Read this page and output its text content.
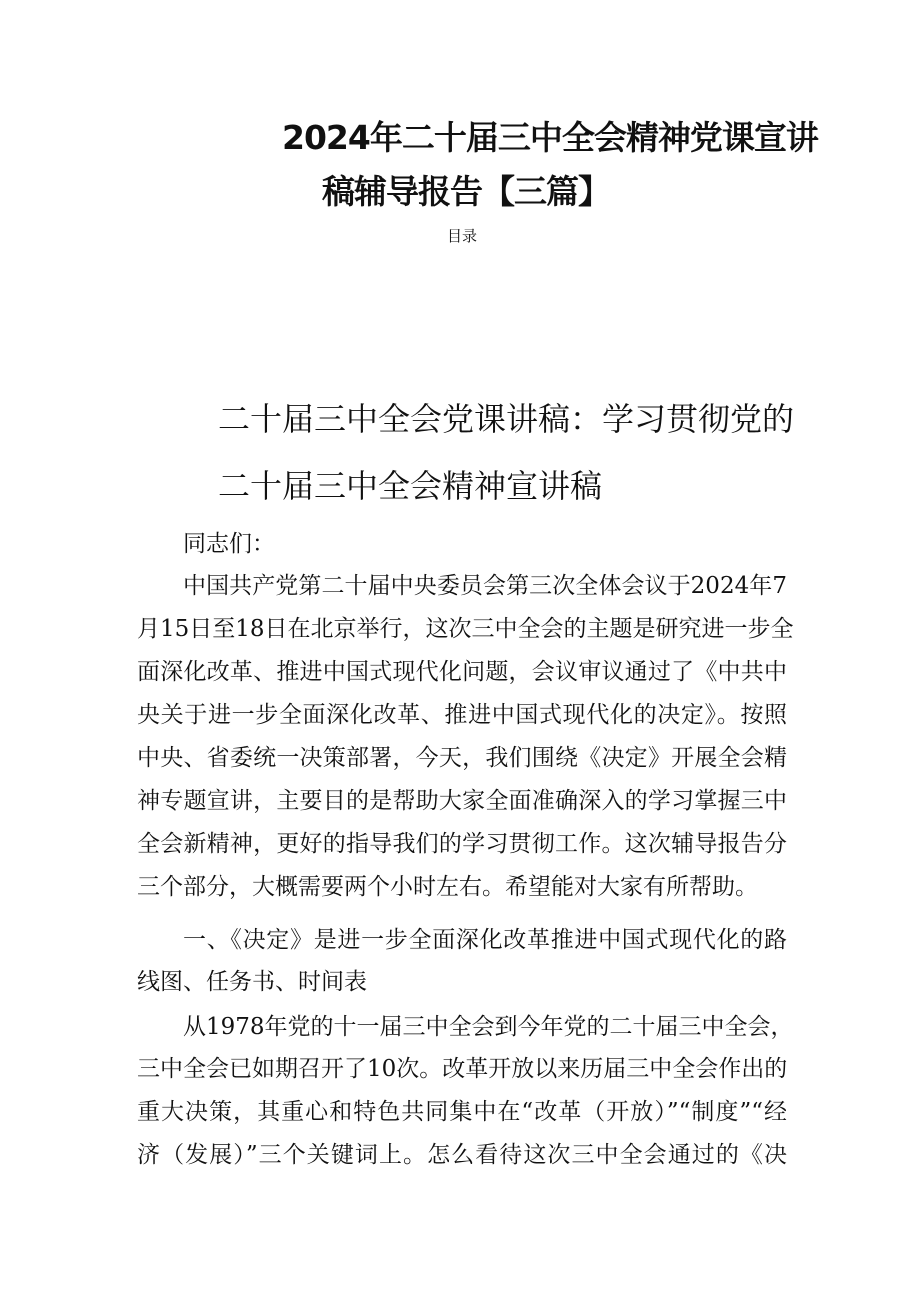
2024年二十届三中全会精神党课宣讲
稿辅导报告【三篇】
目录
二十届三中全会党课讲稿：学习贯彻党的
二十届三中全会精神宣讲稿
同志们：
中国共产党第二十届中央委员会第三次全体会议于2024年7
月15日至18日在北京举行，这次三中全会的主题是研究进一步全
面深化改革、推进中国式现代化问题，会议审议通过了《中共中
央关于进一步全面深化改革、推进中国式现代化的决定》。按照
中央、省委统一决策部署，今天，我们围绕《决定》开展全会精
神专题宣讲，主要目的是帮助大家全面准确深入的学习掌握三中
全会新精神，更好的指导我们的学习贯彻工作。这次辅导报告分
三个部分，大概需要两个小时左右。希望能对大家有所帮助。
一、《决定》是进一步全面深化改革推进中国式现代化的路
线图、任务书、时间表
从1978年党的十一届三中全会到今年党的二十届三中全会，
三中全会已如期召开了10次。改革开放以来历届三中全会作出的
重大决策，其重心和特色共同集中在“改革（开放）”“制度”“经
济（发展）”三个关键词上。怎么看待这次三中全会通过的《决
